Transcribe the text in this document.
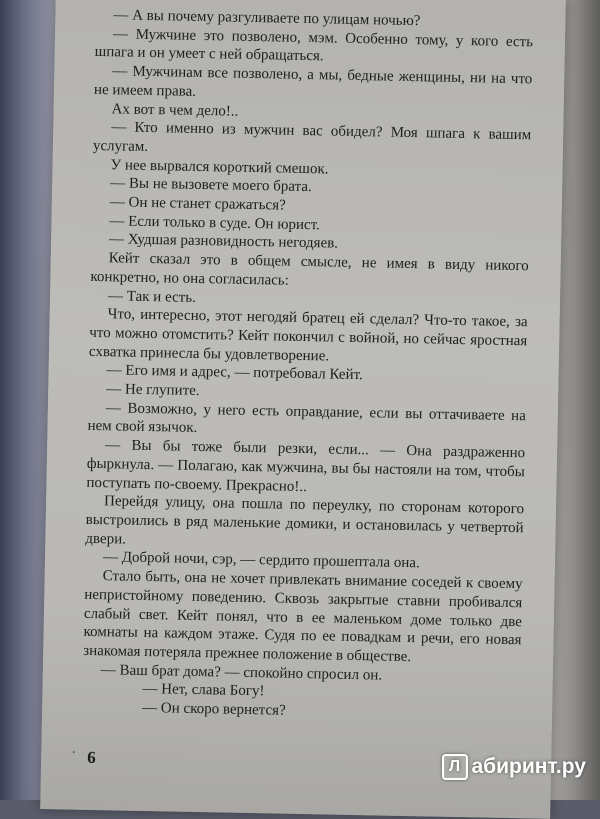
— А вы почему разгуливаете по улицам ночью?

— Мужчине это позволено, мэм. Особенно тому, у кого есть шпага и он умеет с ней обращаться.

— Мужчинам все позволено, а мы, бедные женщины, ни на что не имеем права.

Ах вот в чем дело!..

— Кто именно из мужчин вас обидел? Моя шпага к вашим услугам.

У нее вырвался короткий смешок.

— Вы не вызовете моего брата.

— Он не станет сражаться?

— Если только в суде. Он юрист.

— Худшая разновидность негодяев.

Кейт сказал это в общем смысле, не имея в виду никого конкретно, но она согласилась:

— Так и есть.

Что, интересно, этот негодяй братец ей сделал? Что-то такое, за что можно отомстить? Кейт покончил с войной, но сейчас яростная схватка принесла бы удовлетворение.

— Его имя и адрес, — потребовал Кейт.

— Не глупите.

— Возможно, у него есть оправдание, если вы оттачиваете на нем свой язычок.

— Вы бы тоже были резки, если... — Она раздраженно фыркнула. — Полагаю, как мужчина, вы бы настояли на том, чтобы поступать по-своему. Прекрасно!..

Перейдя улицу, она пошла по переулку, по сторонам которого выстроились в ряд маленькие домики, и остановилась у четвертой двери.

— Доброй ночи, сэр, — сердито прошептала она.

Стало быть, она не хочет привлекать внимание соседей к своему непристойному поведению. Сквозь закрытые ставни пробивался слабый свет. Кейт понял, что в ее маленьком доме только две комнаты на каждом этаже. Судя по ее повадкам и речи, его новая знакомая потеряла прежнее положение в обществе.

— Ваш брат дома? — спокойно спросил он.

— Нет, слава Богу!

— Он скоро вернется?

· 6	Л абиринт.ру
